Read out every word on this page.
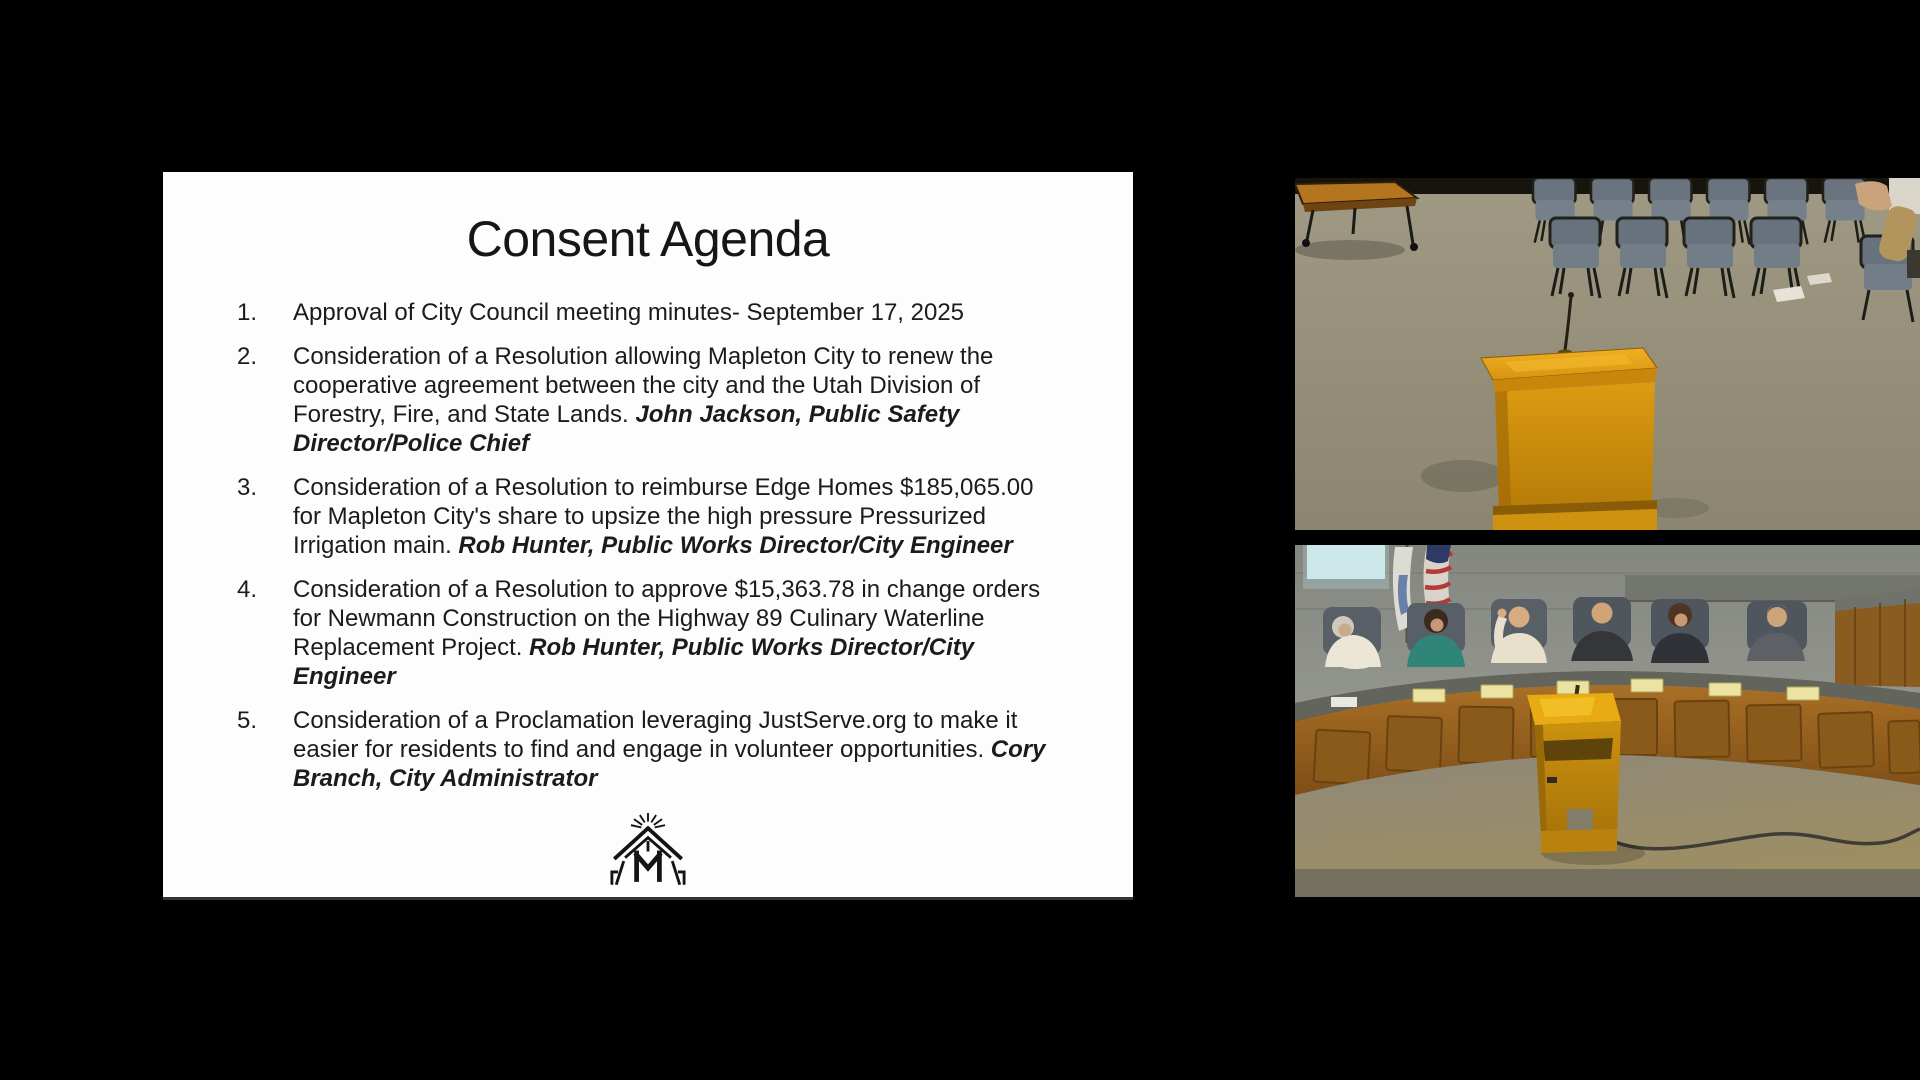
Consent Agenda
1.	Approval of City Council meeting minutes- September 17, 2025
2.	Consideration of a Resolution allowing Mapleton City to renew the cooperative agreement between the city and the Utah Division of Forestry, Fire, and State Lands. John Jackson, Public Safety Director/Police Chief
3.	Consideration of a Resolution to reimburse Edge Homes $185,065.00 for Mapleton City's share to upsize the high pressure Pressurized Irrigation main. Rob Hunter, Public Works Director/City Engineer
4.	Consideration of a Resolution to approve $15,363.78 in change orders for Newmann Construction on the Highway 89 Culinary Waterline Replacement Project. Rob Hunter, Public Works Director/City Engineer
5.	Consideration of a Proclamation leveraging JustServe.org to make it easier for residents to find and engage in volunteer opportunities. Cory Branch, City Administrator
